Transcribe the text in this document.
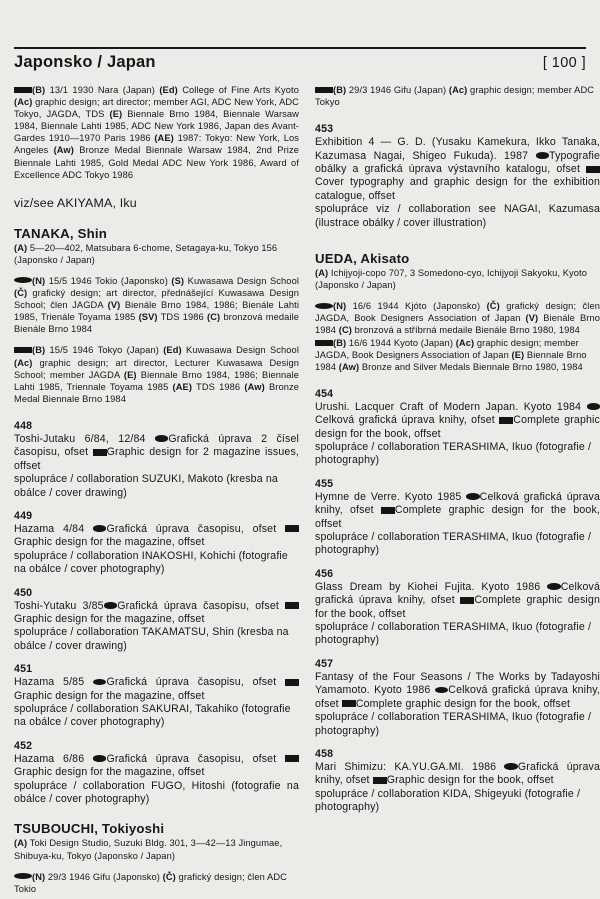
Japonsko / Japan	[ 100 ]

(B) 13/1 1930 Nara (Japan) (Ed) College of Fine Arts Kyoto (Ac) graphic design; art director; member AGI, ADC New York, ADC Tokyo, JAGDA, TDS (E) Biennale Brno 1984, Biennale Warsaw 1984, Biennale Lahti 1985, ADC New York 1986, Japan des Avant-Gardes 1910—1970 Paris 1986 (AE) 1987: Tokyo: New York, Los Angeles (Aw) Bronze Medal Biennale Warsaw 1984, 2nd Prize Biennale Lahti 1985, Gold Medal ADC New York 1986, Award of Excellence ADC Tokyo 1986

viz/see AKIYAMA, Iku

TANAKA, Shin

(A) 5—20—402, Matsubara 6-chome, Setagaya-ku, Tokyo 156 (Japonsko / Japan)

(N) 15/5 1946 Tokio (Japonsko) (S) Kuwasawa Design School (Č) grafický design; art director, přednášející Kuwasawa Design School; člen JAGDA (V) Bienále Brno 1984, 1986; Bienále Lahti 1985, Trienále Toyama 1985 (SV) TDS 1986 (C) bronzová medaile Bienále Brno 1984

(B) 15/5 1946 Tokyo (Japan) (Ed) Kuwasawa Design School (Ac) graphic design; art director, Lecturer Kuwasawa Design School; member JAGDA (E) Biennale Brno 1984, 1986; Biennale Lahti 1985, Triennale Toyama 1985 (AE) TDS 1986 (Aw) Bronze Medal Biennale Brno 1984

448

Toshi-Jutaku 6/84, 12/84 Grafická úprava 2 čísel časopisu, ofset Graphic design for 2 magazine issues, offset

spolupráce / collaboration SUZUKI, Makoto (kresba na obálce / cover drawing)

449

Hazama 4/84 Grafická úprava časopisu, ofset Graphic design for the magazine, offset

spolupráce / collaboration INAKOSHI, Kohichi (fotografie na obálce / cover photography)

450

Toshi-Yutaku 3/85 Grafická úprava časopisu, ofset Graphic design for the magazine, offset

spolupráce / collaboration TAKAMATSU, Shin (kresba na obálce / cover drawing)

451

Hazama 5/85 Grafická úprava časopisu, ofset Graphic design for the magazine, offset

spolupráce / collaboration SAKURAI, Takahiko (fotografie na obálce / cover photography)

452

Hazama 6/86 Grafická úprava časopisu, ofset Graphic design for the magazine, offset

spolupráce / collaboration FUGO, Hitoshi (fotografie na obálce / cover photography)

TSUBOUCHI, Tokiyoshi

(A) Toki Design Studio, Suzuki Bldg. 301, 3—42—13 Jingumae, Shibuya-ku, Tokyo (Japonsko / Japan)

(N) 29/3 1946 Gifu (Japonsko) (Č) grafický design; člen ADC Tokio

(B) 29/3 1946 Gifu (Japan) (Ac) graphic design; member ADC Tokyo

453

Exhibition 4 — G. D. (Yusaku Kamekura, Ikko Tanaka, Kazumasa Nagai, Shigeo Fukuda). 1987 Typografie obálky a grafická úprava výstavního katalogu, ofset Cover typography and graphic design for the exhibition catalogue, offset

spolupráce viz / collaboration see NAGAI, Kazumasa (ilustrace obálky / cover illustration)

UEDA, Akisato

(A) Ichijyoji-copo 707, 3 Somedono-cyo, Ichijyoji Sakyoku, Kyoto (Japonsko / Japan)

(N) 16/6 1944 Kjóto (Japonsko) (Č) grafický design; člen JAGDA, Book Designers Association of Japan (V) Bienále Brno 1984 (C) bronzová a stříbrná medaile Bienále Brno 1980, 1984

(B) 16/6 1944 Kyoto (Japan) (Ac) graphic design; member JAGDA, Book Designers Association of Japan (E) Biennale Brno 1984 (Aw) Bronze and Silver Medals Biennale Brno 1980, 1984

454

Urushi. Lacquer Craft of Modern Japan. Kyoto 1984 Celková grafická úprava knihy, ofset Complete graphic design for the book, offset

spolupráce / collaboration TERASHIMA, Ikuo (fotografie / photography)

455

Hymne de Verre. Kyoto 1985 Celková grafická úprava knihy, ofset Complete graphic design for the book, offset

spolupráce / collaboration TERASHIMA, Ikuo (fotografie / photography)

456

Glass Dream by Kiohei Fujita. Kyoto 1986 Celková grafická úprava knihy, ofset Complete graphic design for the book, offset

spolupráce / collaboration TERASHIMA, Ikuo (fotografie / photography)

457

Fantasy of the Four Seasons / The Works by Tadayoshi Yamamoto. Kyoto 1986 Celková grafická úprava knihy, ofset Complete graphic design for the book, offset

spolupráce / collaboration TERASHIMA, Ikuo (fotografie / photography)

458

Mari Shimizu: KA.YU.GA.MI. 1986 Grafická úprava knihy, ofset Graphic design for the book, offset

spolupráce / collaboration KIDA, Shigeyuki (fotografie / photography)
